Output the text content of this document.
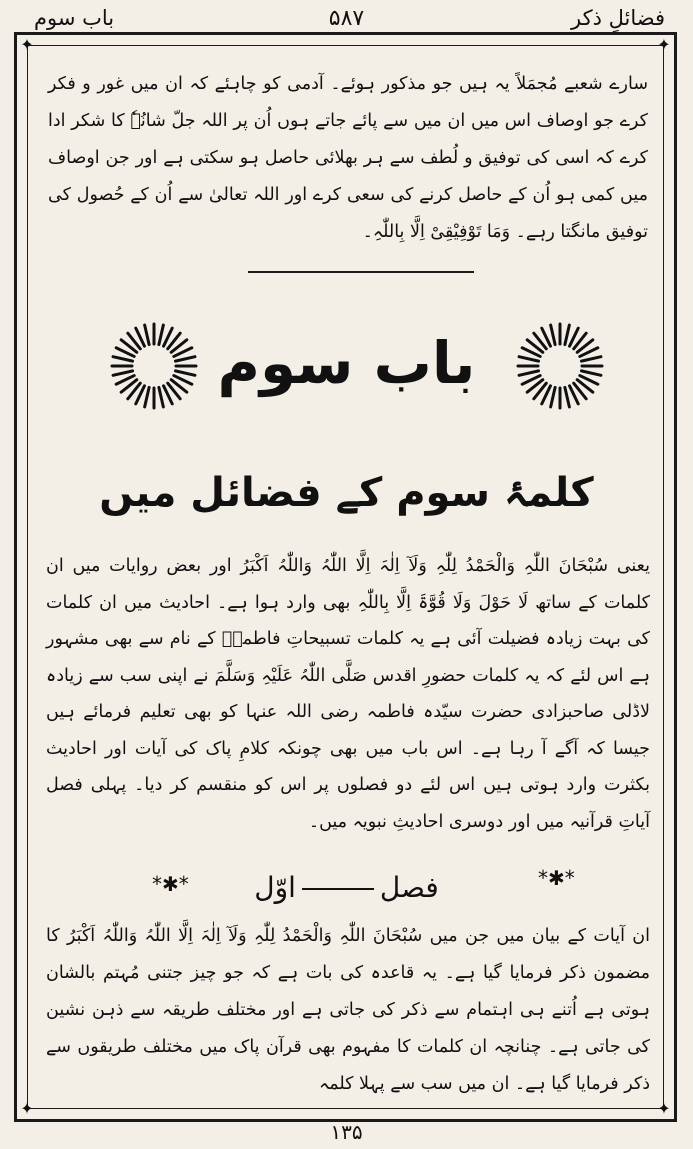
فضائلِ ذکر
۵۸۷
باب سوم
✦	✦
✦	✦
سارے شعبے مُجمَلاً یہ ہیں جو مذکور ہوئے۔ آدمی کو چاہئے کہ ان میں غور و فکر کرے جو اوصاف اس میں ان میں سے پائے جاتے ہوں اُن پر اللہ جلّ شانُہٗ کا شکر ادا کرے کہ اسی کی توفیق و لُطف سے ہر بھلائی حاصل ہو سکتی ہے اور جن اوصاف میں کمی ہو اُن کے حاصل کرنے کی سعی کرے اور اللہ تعالیٰ سے اُن کے حُصول کی توفیق مانگتا رہے۔ وَمَا تَوْفِیْقِیْ اِلَّا بِاللّٰہِ۔
باب سوم
کلمۂ سوم کے فضائل میں
یعنی سُبْحَانَ اللّٰہِ وَالْحَمْدُ لِلّٰہِ وَلَآ اِلٰہَ اِلَّا اللّٰہُ وَاللّٰہُ اَکْبَرُ اور بعض روایات میں ان کلمات کے ساتھ لَا حَوْلَ وَلَا قُوَّۃَ اِلَّا بِاللّٰہِ بھی وارد ہوا ہے۔ احادیث میں ان کلمات کی بہت زیادہ فضیلت آئی ہے یہ کلمات تسبیحاتِ فاطمہؓ کے نام سے بھی مشہور ہے اس لئے کہ یہ کلمات حضورِ اقدس صَلَّی اللّٰہُ عَلَیْہِ وَسَلَّمَ نے اپنی سب سے زیادہ لاڈلی صاحبزادی حضرت سیّدہ فاطمہ رضی اللہ عنہا کو بھی تعلیم فرمائے ہیں جیسا کہ آگے آ رہا ہے۔ اس باب میں بھی چونکہ کلامِ پاک کی آیات اور احادیث بکثرت وارد ہوتی ہیں اس لئے دو فصلوں پر اس کو منقسم کر دیا۔ پہلی فصل آیاتِ قرآنیہ میں اور دوسری احادیثِ نبویہ میں۔
*✱*	فصلاوّل	*✱*
ان آیات کے بیان میں جن میں سُبْحَانَ اللّٰہِ وَالْحَمْدُ لِلّٰہِ وَلَآ اِلٰہَ اِلَّا اللّٰہُ وَاللّٰہُ اَکْبَرُ کا مضمون ذکر فرمایا گیا ہے۔ یہ قاعدہ کی بات ہے کہ جو چیز جتنی مُہتم بالشان ہوتی ہے اُتنے ہی اہتمام سے ذکر کی جاتی ہے اور مختلف طریقہ سے ذہن نشین کی جاتی ہے۔ چنانچہ ان کلمات کا مفہوم بھی قرآن پاک میں مختلف طریقوں سے ذکر فرمایا گیا ہے۔ ان میں سب سے پہلا کلمہ
۱۳۵
